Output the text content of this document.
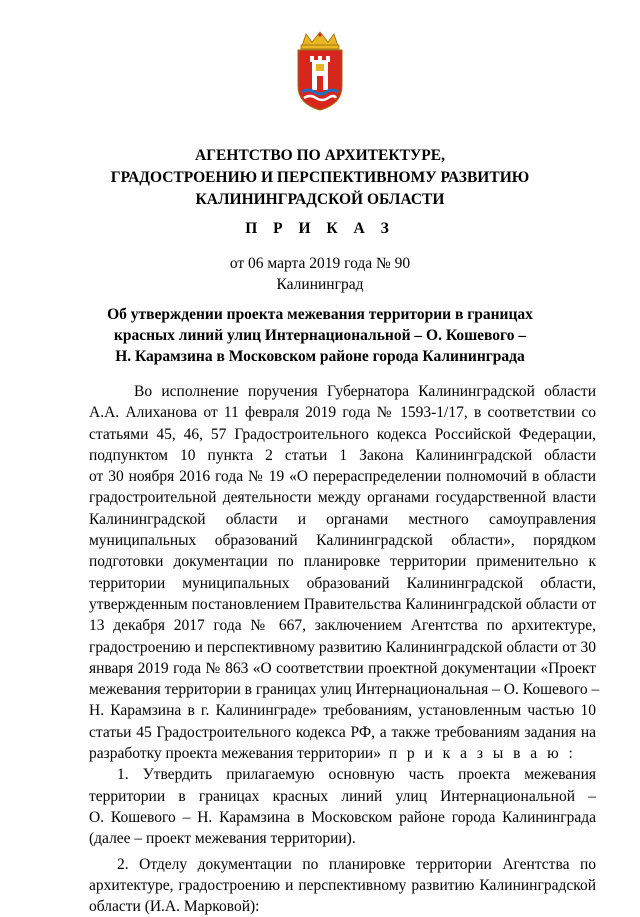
АГЕНТСТВО ПО АРХИТЕКТУРЕ,
ГРАДОСТРОЕНИЮ И ПЕРСПЕКТИВНОМУ РАЗВИТИЮ
КАЛИНИНГРАДСКОЙ ОБЛАСТИ
П Р И К А З
от 06 марта 2019 года № 90
Калининград
Об утверждении проекта межевания территории в границах
красных линий улиц Интернациональной – О. Кошевого –
Н. Карамзина в Московском районе города Калининграда
Во исполнение поручения Губернатора Калининградской области
А.А. Алиханова от 11 февраля 2019 года № 1593-1/17, в соответствии со
статьями 45, 46, 57 Градостроительного кодекса Российской Федерации,
подпунктом 10 пункта 2 статьи 1 Закона Калининградской области
от 30 ноября 2016 года № 19 «О перераспределении полномочий в области
градостроительной деятельности между органами государственной власти
Калининградской области и органами местного самоуправления
муниципальных образований Калининградской области», порядком
подготовки документации по планировке территории применительно к
территории муниципальных образований Калининградской области,
утвержденным постановлением Правительства Калининградской области от
13 декабря 2017 года № 667, заключением Агентства по архитектуре,
градостроению и перспективному развитию Калининградской области от 30
января 2019 года № 863 «О соответствии проектной документации «Проект
межевания территории в границах улиц Интернациональная – О. Кошевого –
Н. Карамзина в г. Калининграде» требованиям, установленным частью 10
статьи 45 Градостроительного кодекса РФ, а также требованиям задания на
разработку проекта межевания территории» п р и к а з ы в а ю :
1. Утвердить прилагаемую основную часть проекта межевания
территории в границах красных линий улиц Интернациональной –
О. Кошевого – Н. Карамзина в Московском районе города Калининграда
(далее – проект межевания территории).
2. Отделу документации по планировке территории Агентства по
архитектуре, градостроению и перспективному развитию Калининградской
области (И.А. Марковой):
